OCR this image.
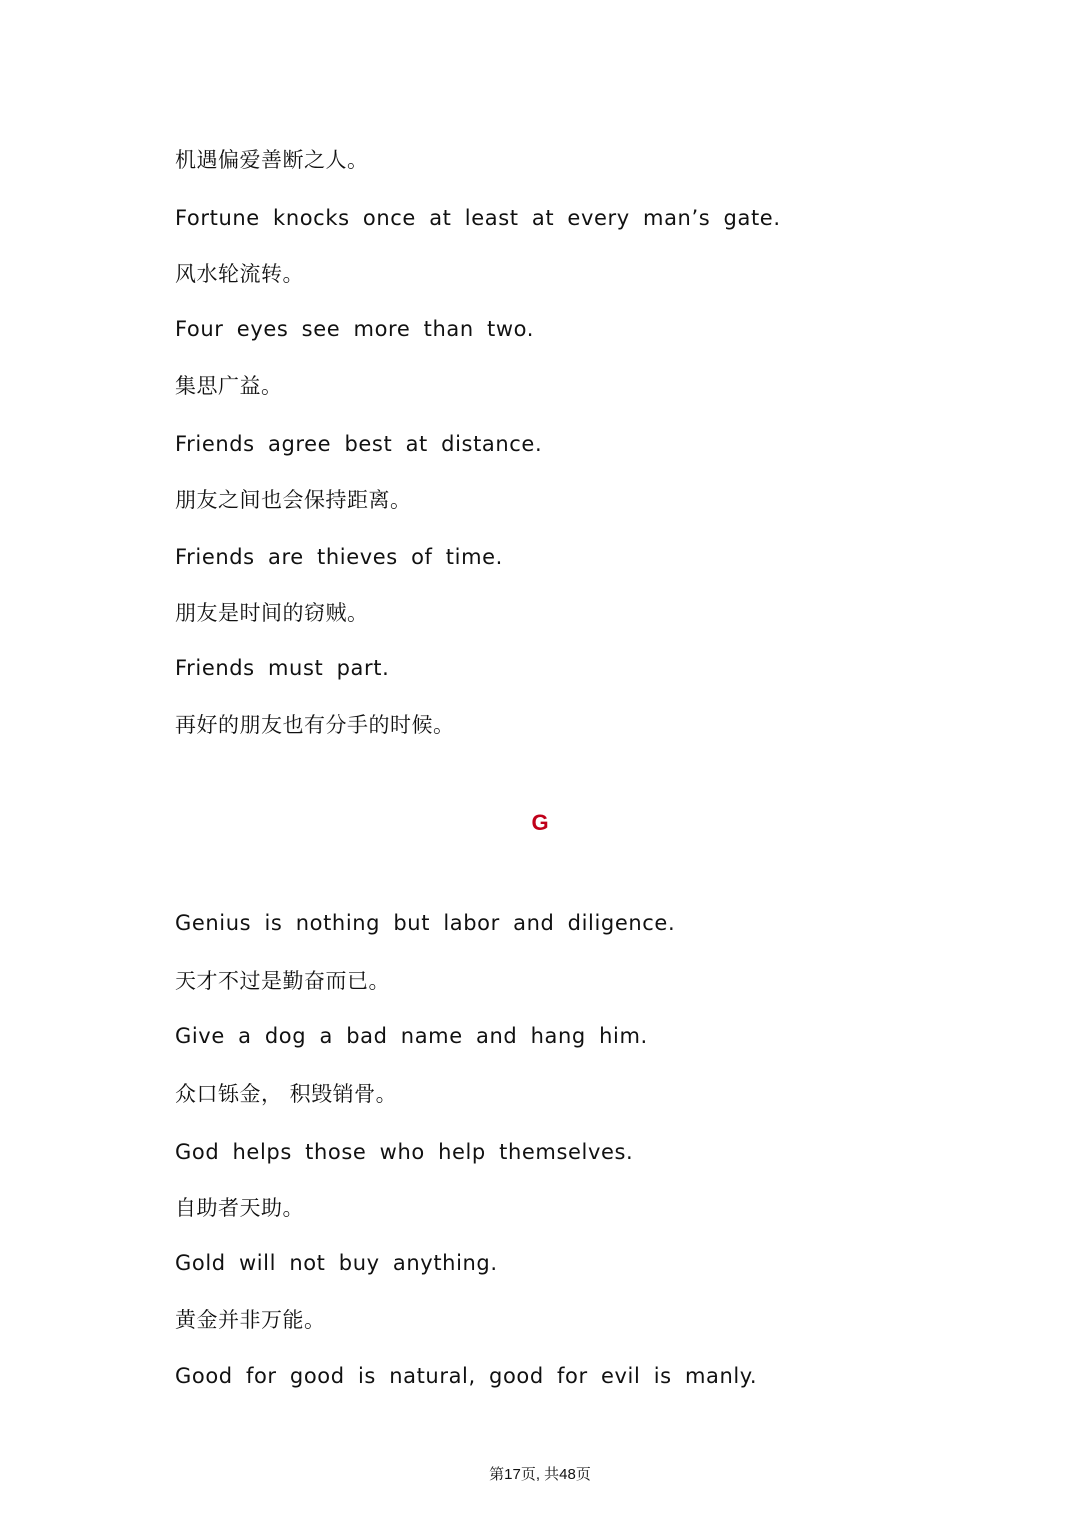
机遇偏爱善断之人。
Fortune knocks once at least at every man’s gate.
风水轮流转。
Four eyes see more than two.
集思广益。
Friends agree best at distance.
朋友之间也会保持距离。
Friends are thieves of time.
朋友是时间的窃贼。
Friends must part.
再好的朋友也有分手的时候。
G
Genius is nothing but labor and diligence.
天才不过是勤奋而已。
Give a dog a bad name and hang him.
众口铄金， 积毁销骨。
God helps those who help themselves.
自助者天助。
Gold will not buy anything.
黄金并非万能。
Good for good is natural, good for evil is manly.
第17页, 共48页
